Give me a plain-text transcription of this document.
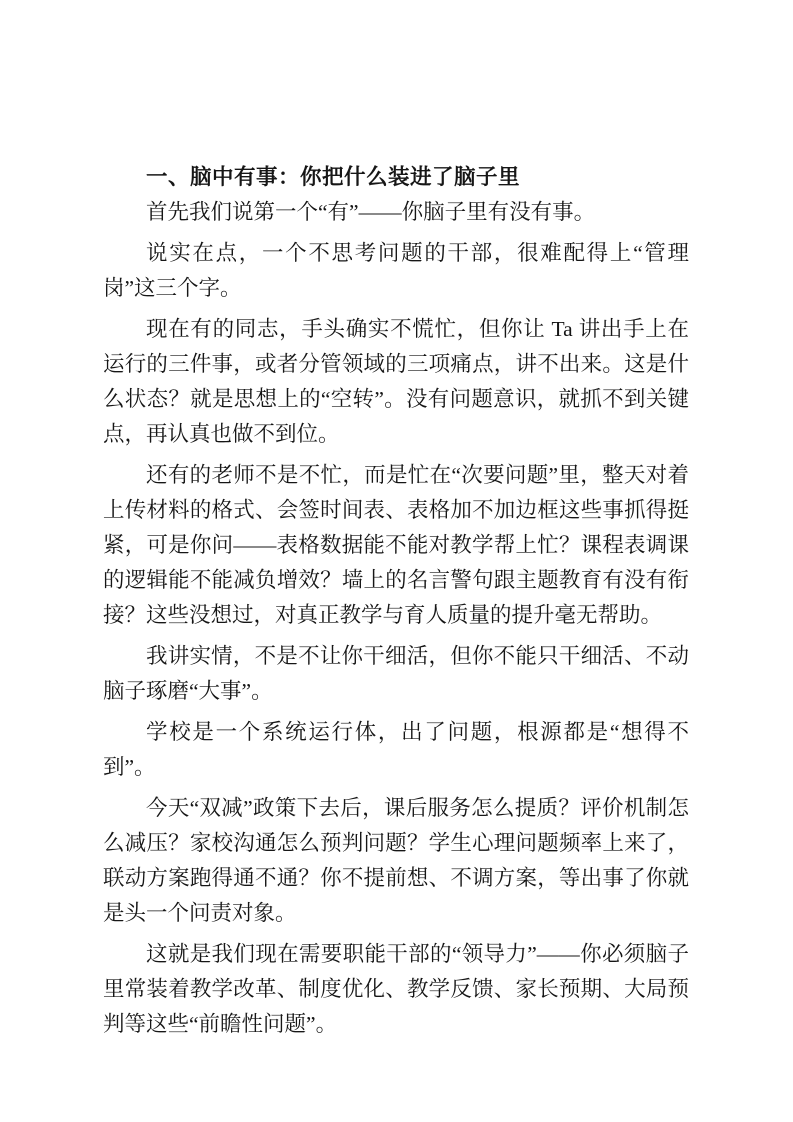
一、脑中有事：你把什么装进了脑子里

首先我们说第一个“有”——你脑子里有没有事。

说实在点，一个不思考问题的干部，很难配得上“管理岗”这三个字。

现在有的同志，手头确实不慌忙，但你让 Ta 讲出手上在运行的三件事，或者分管领域的三项痛点，讲不出来。这是什么状态？就是思想上的“空转”。没有问题意识，就抓不到关键点，再认真也做不到位。

还有的老师不是不忙，而是忙在“次要问题”里，整天对着上传材料的格式、会签时间表、表格加不加边框这些事抓得挺紧，可是你问——表格数据能不能对教学帮上忙？课程表调课的逻辑能不能减负增效？墙上的名言警句跟主题教育有没有衔接？这些没想过，对真正教学与育人质量的提升毫无帮助。

我讲实情，不是不让你干细活，但你不能只干细活、不动脑子琢磨“大事”。

学校是一个系统运行体，出了问题，根源都是“想得不到”。

今天“双减”政策下去后，课后服务怎么提质？评价机制怎么减压？家校沟通怎么预判问题？学生心理问题频率上来了，联动方案跑得通不通？你不提前想、不调方案，等出事了你就是头一个问责对象。

这就是我们现在需要职能干部的“领导力”——你必须脑子里常装着教学改革、制度优化、教学反馈、家长预期、大局预判等这些“前瞻性问题”。
